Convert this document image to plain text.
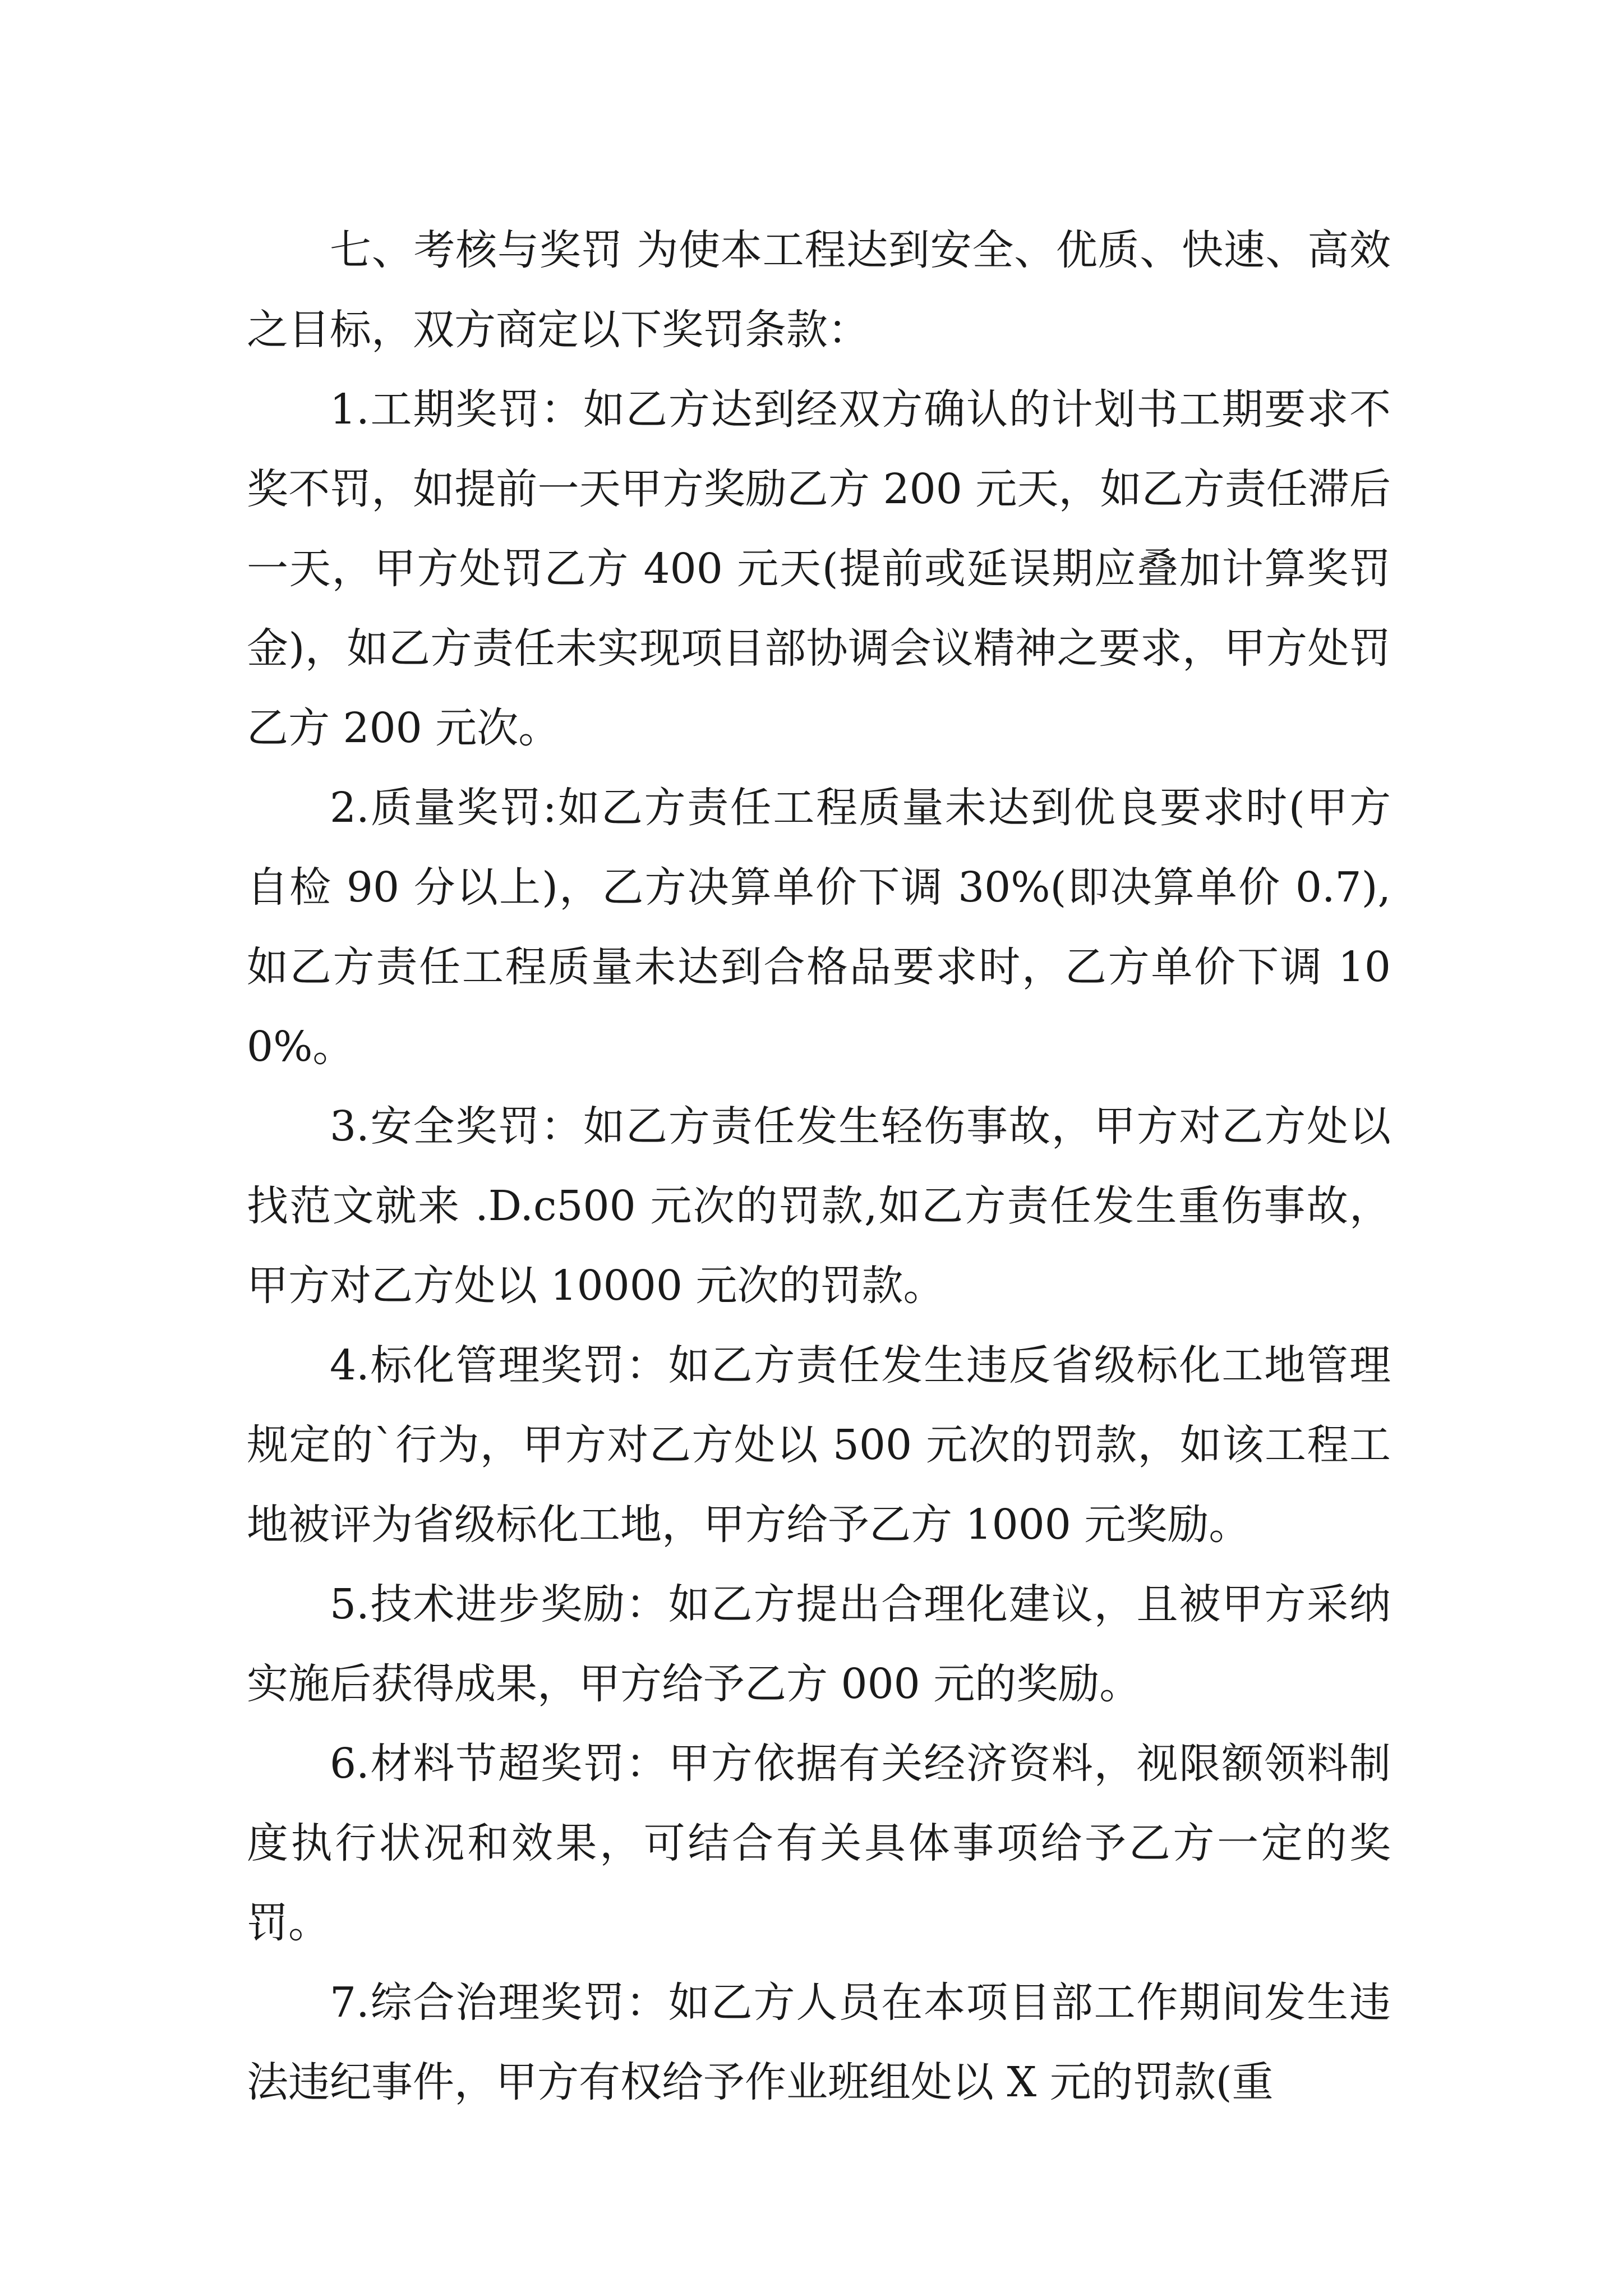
七、考核与奖罚 为使本工程达到安全、优质、快速、高效之目标，双方商定以下奖罚条款：

1.工期奖罚：如乙方达到经双方确认的计划书工期要求不奖不罚，如提前一天甲方奖励乙方 200 元天，如乙方责任滞后一天，甲方处罚乙方 400 元天(提前或延误期应叠加计算奖罚金)，如乙方责任未实现项目部协调会议精神之要求，甲方处罚乙方 200 元次。

2.质量奖罚:如乙方责任工程质量未达到优良要求时(甲方自检 90 分以上)，乙方决算单价下调 30%(即决算单价 0.7),如乙方责任工程质量未达到合格品要求时，乙方单价下调 100%。

3.安全奖罚：如乙方责任发生轻伤事故，甲方对乙方处以找范文就来 .D.c500 元次的罚款,如乙方责任发生重伤事故，甲方对乙方处以 10000 元次的罚款。

4.标化管理奖罚：如乙方责任发生违反省级标化工地管理规定的`行为，甲方对乙方处以 500 元次的罚款，如该工程工地被评为省级标化工地，甲方给予乙方 1000 元奖励。

5.技术进步奖励：如乙方提出合理化建议，且被甲方采纳实施后获得成果，甲方给予乙方 000 元的奖励。

6.材料节超奖罚：甲方依据有关经济资料，视限额领料制度执行状况和效果，可结合有关具体事项给予乙方一定的奖罚。

7.综合治理奖罚：如乙方人员在本项目部工作期间发生违法违纪事件，甲方有权给予作业班组处以 X 元的罚款(重
